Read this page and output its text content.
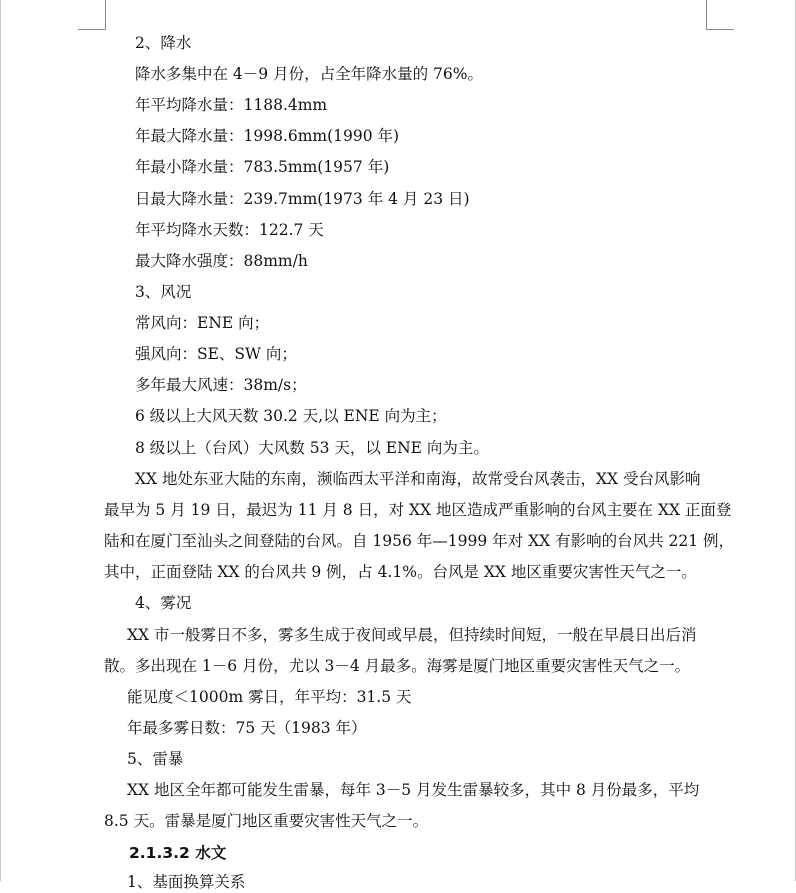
2、降水
降水多集中在 4－9 月份，占全年降水量的 76%。
年平均降水量：1188.4mm
年最大降水量：1998.6mm(1990 年)
年最小降水量：783.5mm(1957 年)
日最大降水量：239.7mm(1973 年 4 月 23 日)
年平均降水天数：122.7 天
最大降水强度：88mm/h
3、风况
常风向：ENE 向；
强风向：SE、SW 向；
多年最大风速：38m/s；
6 级以上大风天数 30.2 天,以 ENE 向为主；
8 级以上（台风）大风数 53 天，以 ENE 向为主。
XX 地处东亚大陆的东南，濒临西太平洋和南海，故常受台风袭击，XX 受台风影响
最早为 5 月 19 日，最迟为 11 月 8 日，对 XX 地区造成严重影响的台风主要在 XX 正面登
陆和在厦门至汕头之间登陆的台风。自 1956 年—1999 年对 XX 有影响的台风共 221 例，
其中，正面登陆 XX 的台风共 9 例，占 4.1%。台风是 XX 地区重要灾害性天气之一。
4、雾况
XX 市一般雾日不多，雾多生成于夜间或早晨，但持续时间短，一般在早晨日出后消
散。多出现在 1－6 月份，尤以 3－4 月最多。海雾是厦门地区重要灾害性天气之一。
能见度＜1000m 雾日，年平均：31.5 天
年最多雾日数：75 天（1983 年）
5、雷暴
XX 地区全年都可能发生雷暴，每年 3－5 月发生雷暴较多，其中 8 月份最多，平均
8.5 天。雷暴是厦门地区重要灾害性天气之一。
2.1.3.2 水文
1、基面换算关系
